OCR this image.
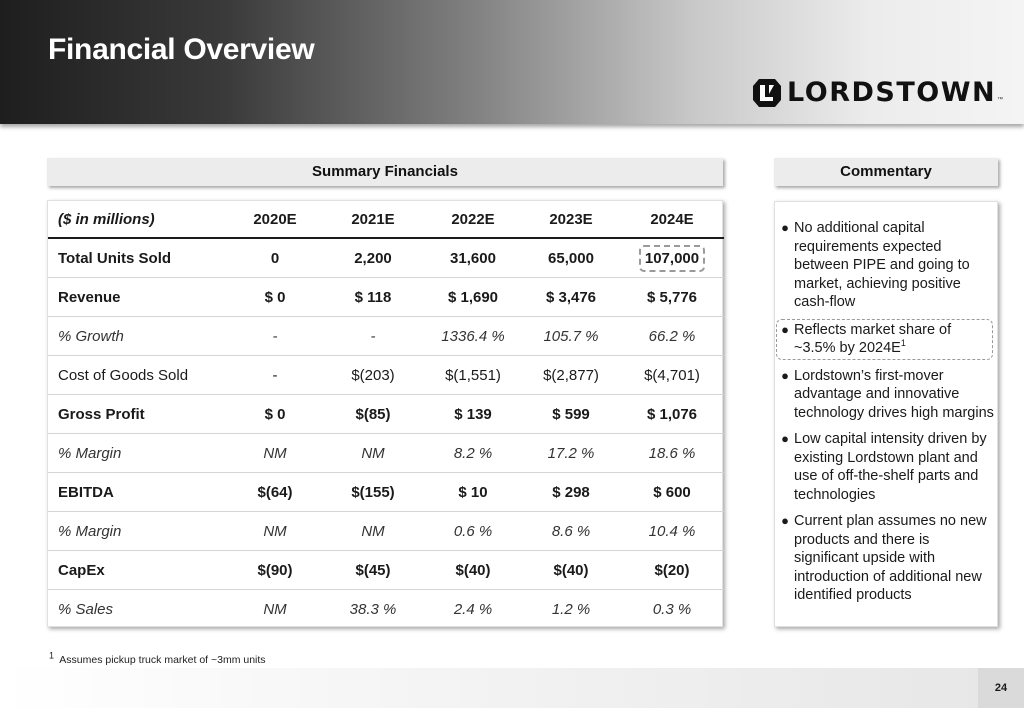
Financial Overview
LORDSTOWN ™
Summary Financials	Commentary
($ in millions)	2020E	2021E	2022E	2023E	2024E
Total Units Sold	0	2,200	31,600	65,000	107,000
Revenue	$ 0	$ 118	$ 1,690	$ 3,476	$ 5,776
% Growth	-	-	1336.4 %	105.7 %	66.2 %
Cost of Goods Sold	-	$(203)	$(1,551)	$(2,877)	$(4,701)
Gross Profit	$ 0	$(85)	$ 139	$ 599	$ 1,076
% Margin	NM	NM	8.2 %	17.2 %	18.6 %
EBITDA	$(64)	$(155)	$ 10	$ 298	$ 600
% Margin	NM	NM	0.6 %	8.6 %	10.4 %
CapEx	$(90)	$(45)	$(40)	$(40)	$(20)
% Sales	NM	38.3 %	2.4 %	1.2 %	0.3 %
● No additional capital requirements expected between PIPE and going to market, achieving positive cash-flow
● Reflects market share of ~3.5% by $2024E^1$
● Lordstown’s first-mover advantage and innovative technology drives high margins
● Low capital intensity driven by existing Lordstown plant and use of off-the-shelf parts and technologies
● Current plan assumes no new products and there is significant upside with introduction of additional new identified products
$^1$ Assumes pickup truck market of ~3mm units
24
